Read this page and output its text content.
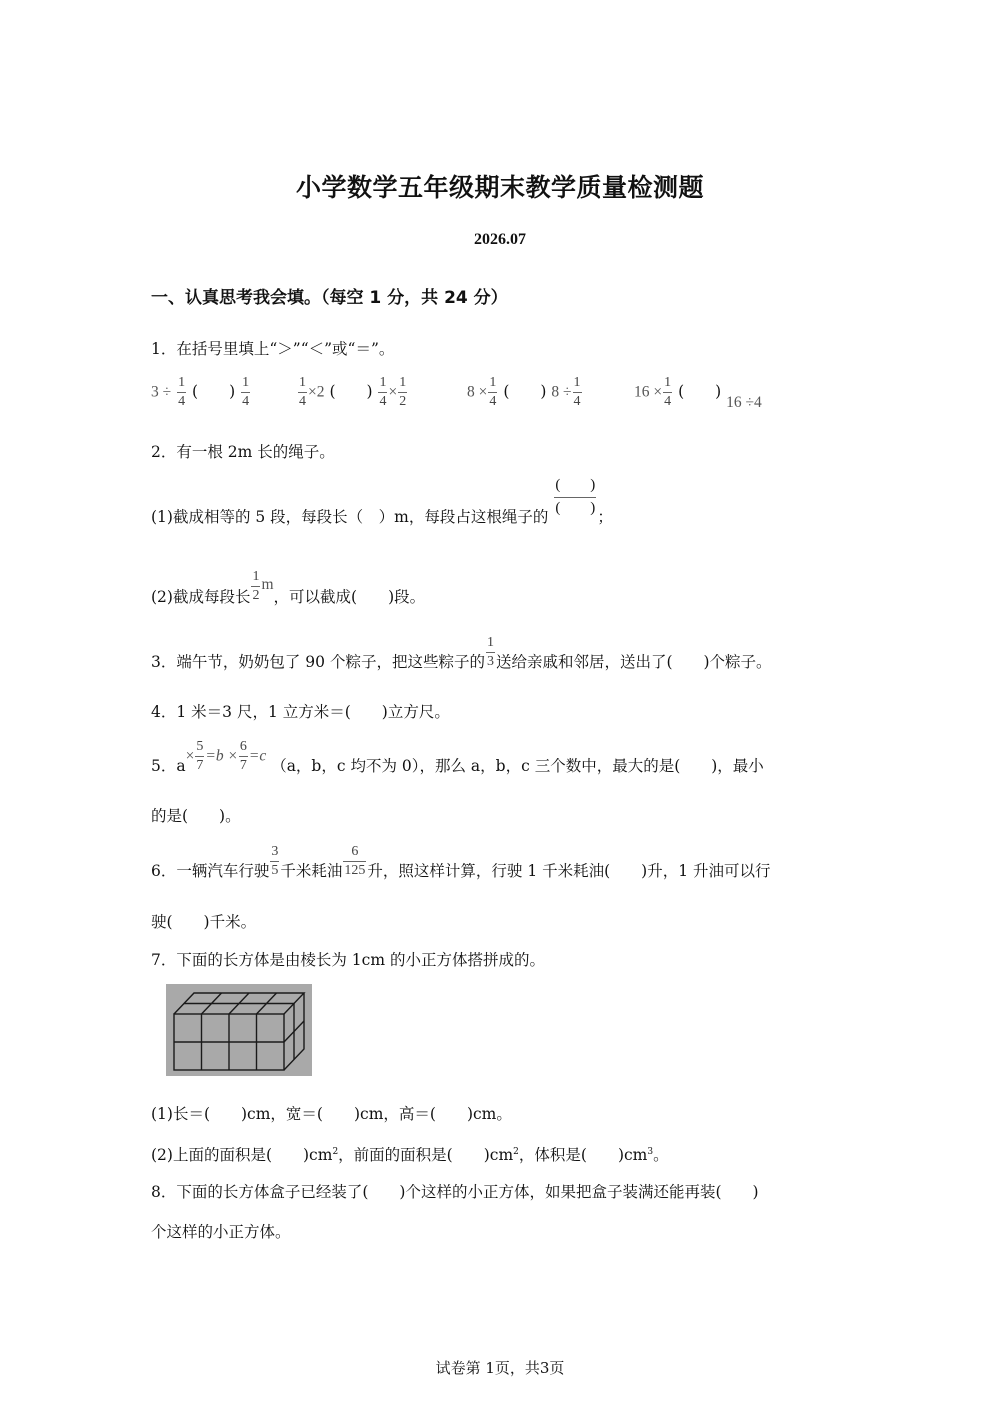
小学数学五年级期末教学质量检测题
2026.07
一、认真思考我会填。（每空 1 分，共 24 分）
1．在括号里填上“＞”“＜”或“＝”。
$3 \div \frac{1}{4}$ (　　) $\frac{1}{4}$	$\frac{1}{4} \times 2$ (　　) $\frac{1}{4} \times \frac{1}{2}$	$8 \times \frac{1}{4}$ (　　) $8 \div \frac{1}{4}$	$16 \times \frac{1}{4}$ (　　) 16 ÷4
2．有一根 2m 长的绳子。
(1)截成相等的 5 段，每段长（　）m，每段占这根绳子的
$\frac{( )}{( )}$
；
(2)截成每段长 $\frac{1}{2}$ m，可以截成(　　)段。
3．端午节，奶奶包了 90 个粽子，把这些粽子的 $\frac{1}{3}$ 送给亲戚和邻居，送出了(　　)个粽子。
4．1 米＝3 尺，1 立方米＝(　　)立方尺。
5．$a\times \frac{5}{7} =b \times \frac{6}{7} =c$ （a，b，c 均不为 0），那么 a，b，c 三个数中，最大的是(　　)，最小
的是(　　)。
6．一辆汽车行驶 $\frac{3}{5}$ 千米耗油 $\frac{6}{125}$ 升，照这样计算，行驶 1 千米耗油(　　)升，1 升油可以行
驶(　　)千米。
7．下面的长方体是由棱长为 1cm 的小正方体搭拼成的。
(1)长＝(　　)cm，宽＝(　　)cm，高＝(　　)cm。
(2)上面的面积是(　　)$cm^2$，前面的面积是(　　)$cm^2$，体积是(　　)$cm^3$。
8．下面的长方体盒子已经装了(　　)个这样的小正方体，如果把盒子装满还能再装(　　)
个这样的小正方体。
试卷第 1页，共3页
